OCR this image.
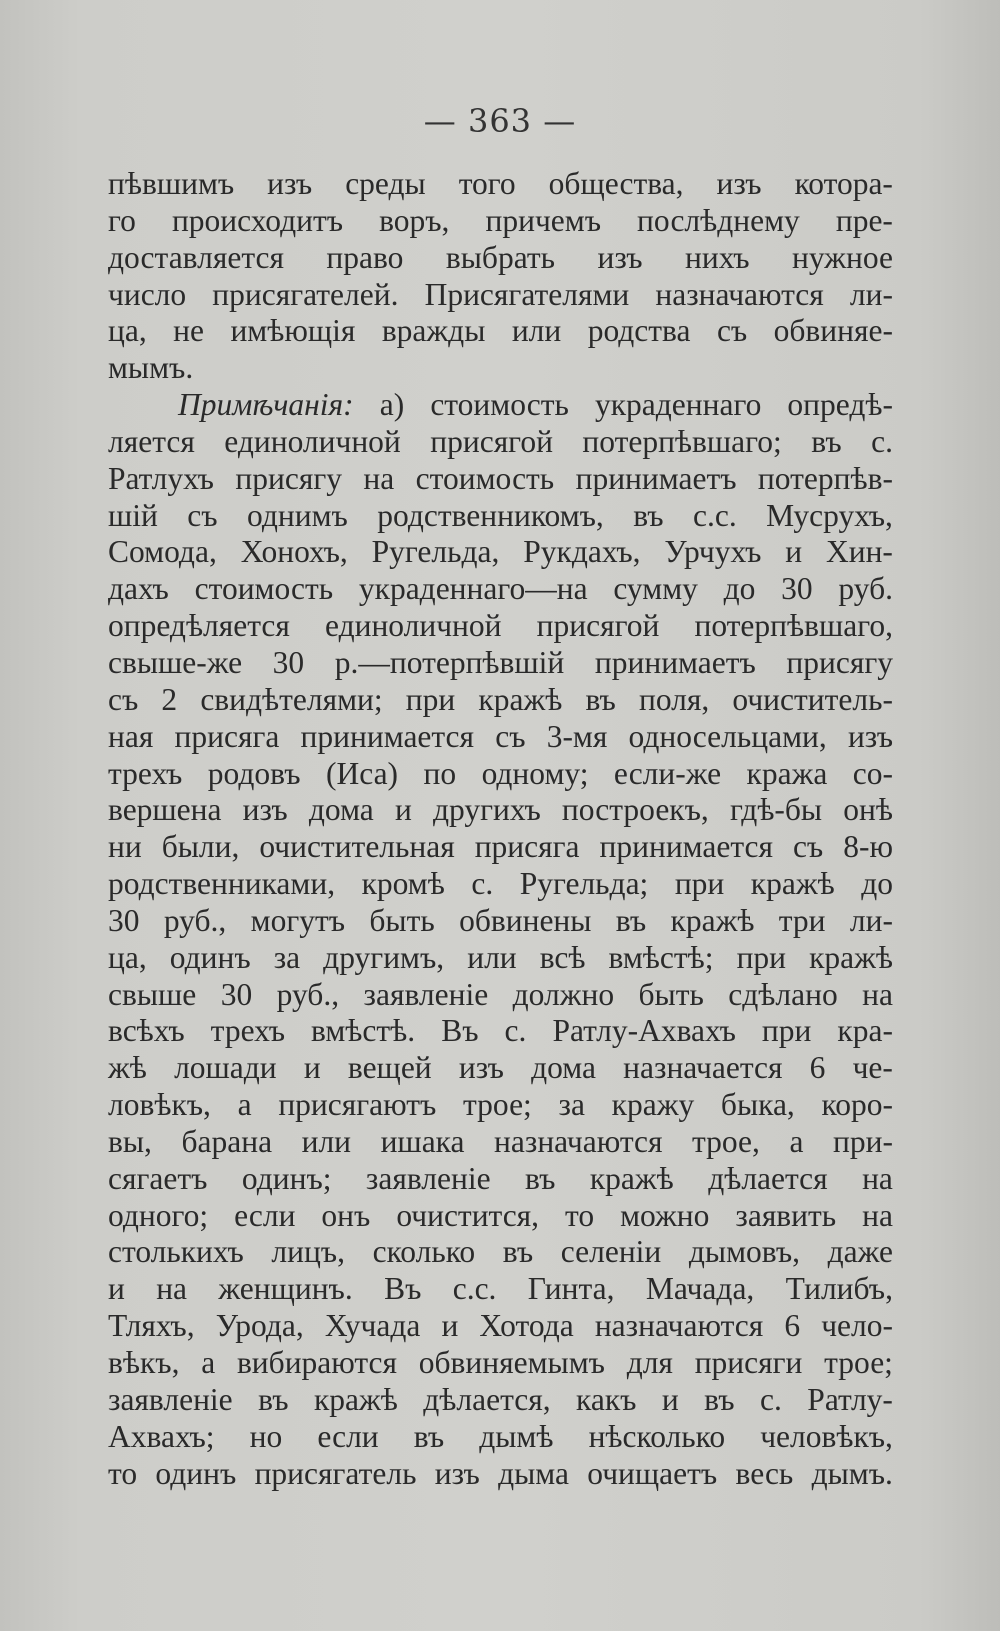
— 363 —
пѣвшимъ изъ среды того общества, изъ котора-
го происходитъ воръ, причемъ послѣднему пре-
доставляется право выбрать изъ нихъ нужное
число присягателей. Присягателями назначаются ли-
ца, не имѣющія вражды или родства съ обвиняе-
мымъ.
Примѣчанія: а) стоимость украденнаго опредѣ-
ляется единоличной присягой потерпѣвшаго; въ с.
Ратлухъ присягу на стоимость принимаетъ потерпѣв-
шій съ однимъ родственникомъ, въ с.с. Мусрухъ,
Сомода, Хонохъ, Ругельда, Рукдахъ, Урчухъ и Хин-
дахъ стоимость украденнаго—на сумму до 30 руб.
опредѣляется единоличной присягой потерпѣвшаго,
свыше-же 30 р.—потерпѣвшій принимаетъ присягу
съ 2 свидѣтелями; при кражѣ въ поля, очиститель-
ная присяга принимается съ 3-мя односельцами, изъ
трехъ родовъ (Иса) по одному; если-же кража со-
вершена изъ дома и другихъ построекъ, гдѣ-бы онѣ
ни были, очистительная присяга принимается съ 8-ю
родственниками, кромѣ с. Ругельда; при кражѣ до
30 руб., могутъ быть обвинены въ кражѣ три ли-
ца, одинъ за другимъ, или всѣ вмѣстѣ; при кражѣ
свыше 30 руб., заявленіе должно быть сдѣлано на
всѣхъ трехъ вмѣстѣ. Въ с. Ратлу-Ахвахъ при кра-
жѣ лошади и вещей изъ дома назначается 6 че-
ловѣкъ, а присягаютъ трое; за кражу быка, коро-
вы, барана или ишака назначаются трое, а при-
сягаетъ одинъ; заявленіе въ кражѣ дѣлается на
одного; если онъ очистится, то можно заявить на
столькихъ лицъ, сколько въ селеніи дымовъ, даже
и на женщинъ. Въ с.с. Гинта, Мачада, Тилибъ,
Тляхъ, Урода, Хучада и Хотода назначаются 6 чело-
вѣкъ, а вибираются обвиняемымъ для присяги трое;
заявленіе въ кражѣ дѣлается, какъ и въ с. Ратлу-
Ахвахъ; но если въ дымѣ нѣсколько человѣкъ,
то одинъ присягатель изъ дыма очищаетъ весь дымъ.
